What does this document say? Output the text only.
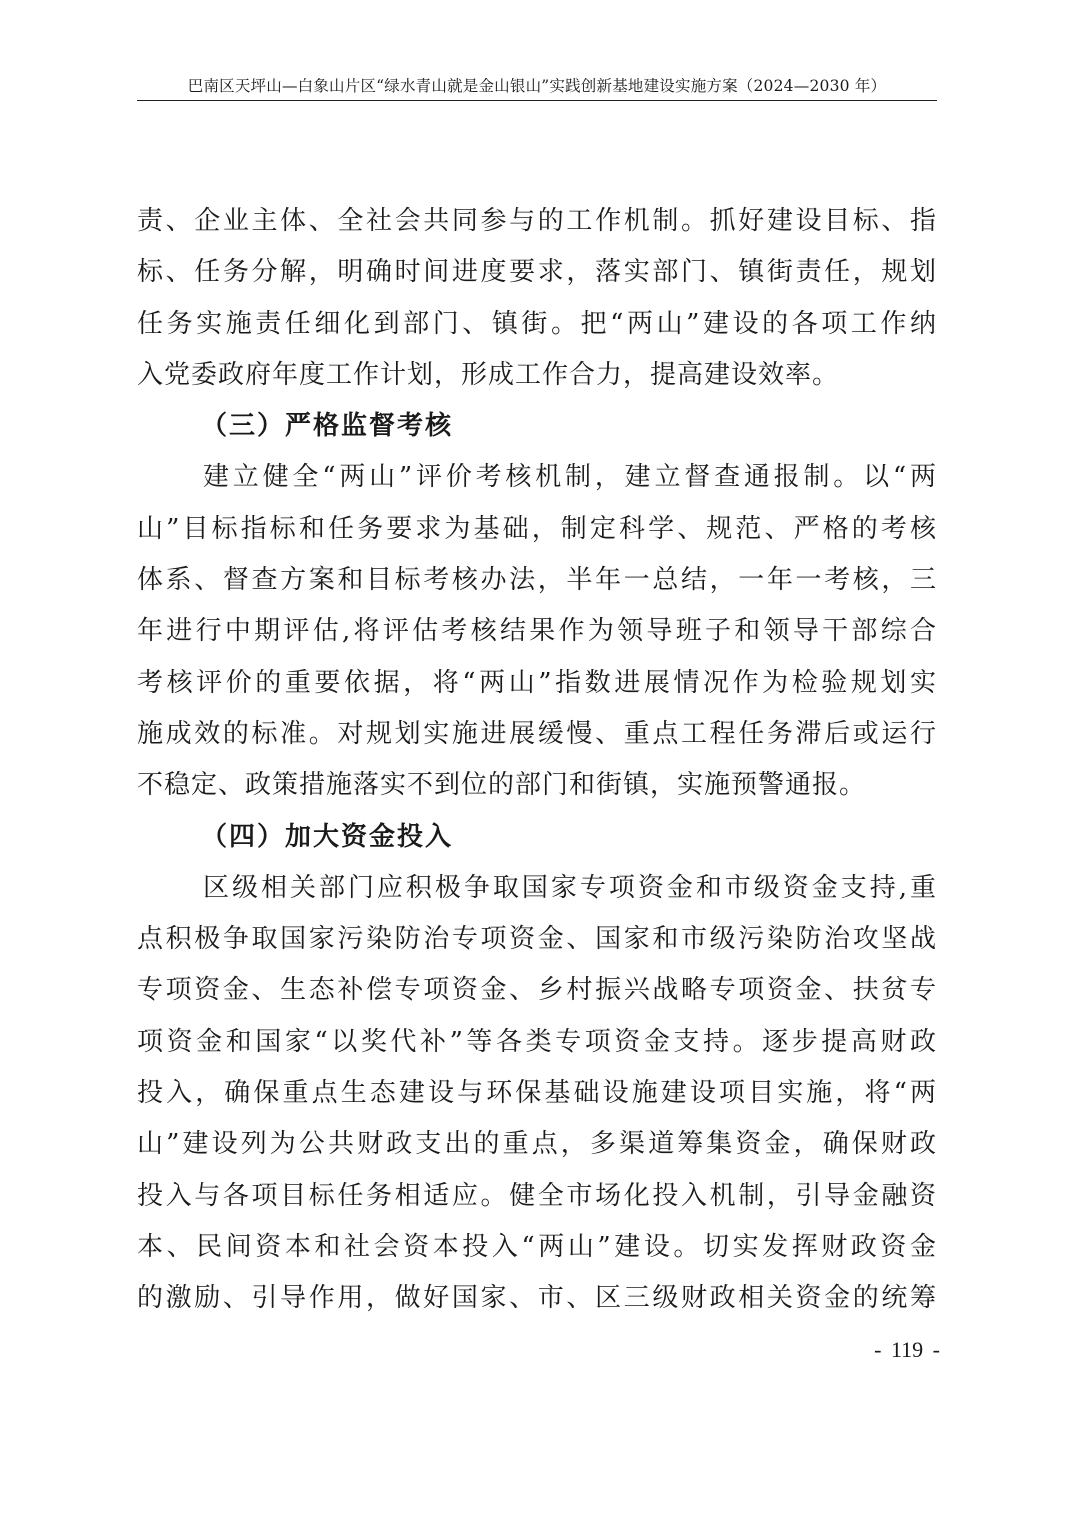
巴南区天坪山—白象山片区“绿水青山就是金山银山”实践创新基地建设实施方案（2024—2030 年）
责、企业主体、全社会共同参与的工作机制。抓好建设目标、指
标、任务分解，明确时间进度要求，落实部门、镇街责任，规划
任务实施责任细化到部门、镇街。把“两山”建设的各项工作纳
入党委政府年度工作计划，形成工作合力，提高建设效率。
（三）严格监督考核
建立健全“两山”评价考核机制，建立督查通报制。以“两
山”目标指标和任务要求为基础，制定科学、规范、严格的考核
体系、督查方案和目标考核办法，半年一总结，一年一考核，三
年进行中期评估,将评估考核结果作为领导班子和领导干部综合
考核评价的重要依据，将“两山”指数进展情况作为检验规划实
施成效的标准。对规划实施进展缓慢、重点工程任务滞后或运行
不稳定、政策措施落实不到位的部门和街镇，实施预警通报。
（四）加大资金投入
区级相关部门应积极争取国家专项资金和市级资金支持,重
点积极争取国家污染防治专项资金、国家和市级污染防治攻坚战
专项资金、生态补偿专项资金、乡村振兴战略专项资金、扶贫专
项资金和国家“以奖代补”等各类专项资金支持。逐步提高财政
投入，确保重点生态建设与环保基础设施建设项目实施，将“两
山”建设列为公共财政支出的重点，多渠道筹集资金，确保财政
投入与各项目标任务相适应。健全市场化投入机制，引导金融资
本、民间资本和社会资本投入“两山”建设。切实发挥财政资金
的激励、引导作用，做好国家、市、区三级财政相关资金的统筹
- 119 -
